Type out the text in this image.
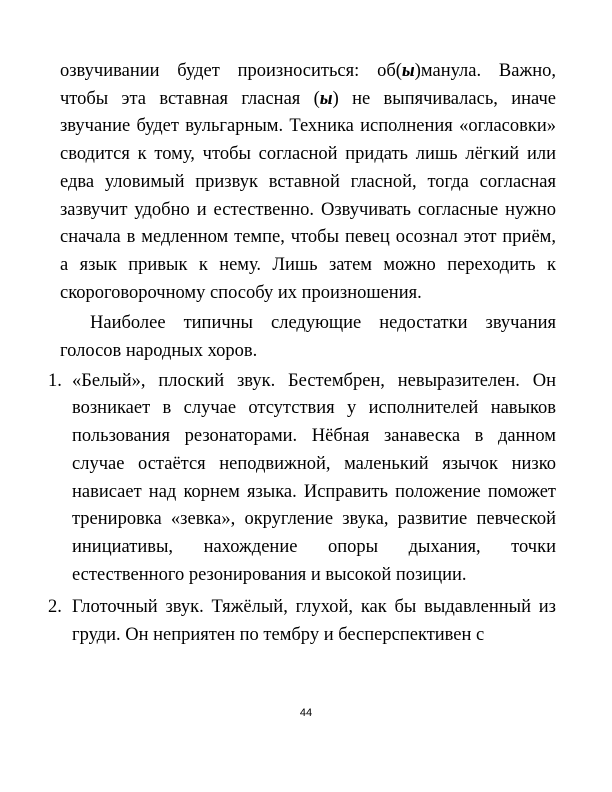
озвучивании будет произноситься: об(ы)манула. Важно, чтобы эта вставная гласная (ы) не выпячивалась, иначе звучание будет вульгарным. Техника исполнения «огласовки» сводится к тому, чтобы согласной придать лишь лёгкий или едва уловимый призвук вставной гласной, тогда согласная зазвучит удобно и естественно. Озвучивать согласные нужно сначала в медленном темпе, чтобы певец осознал этот приём, а язык привык к нему. Лишь затем можно переходить к скороговорочному способу их произношения.

Наиболее типичны следующие недостатки звучания голосов народных хоров.

1. «Белый», плоский звук. Бестембрен, невыразителен. Он возникает в случае отсутствия у исполнителей навыков пользования резонаторами. Нёбная занавеска в данном случае остаётся неподвижной, маленький язычок низко нависает над корнем языка. Исправить положение поможет тренировка «зевка», округление звука, развитие певческой инициативы, нахождение опоры дыхания, точки естественного резонирования и высокой позиции.
2. Глоточный звук. Тяжёлый, глухой, как бы выдавленный из груди. Он неприятен по тембру и бесперспективен с
44
